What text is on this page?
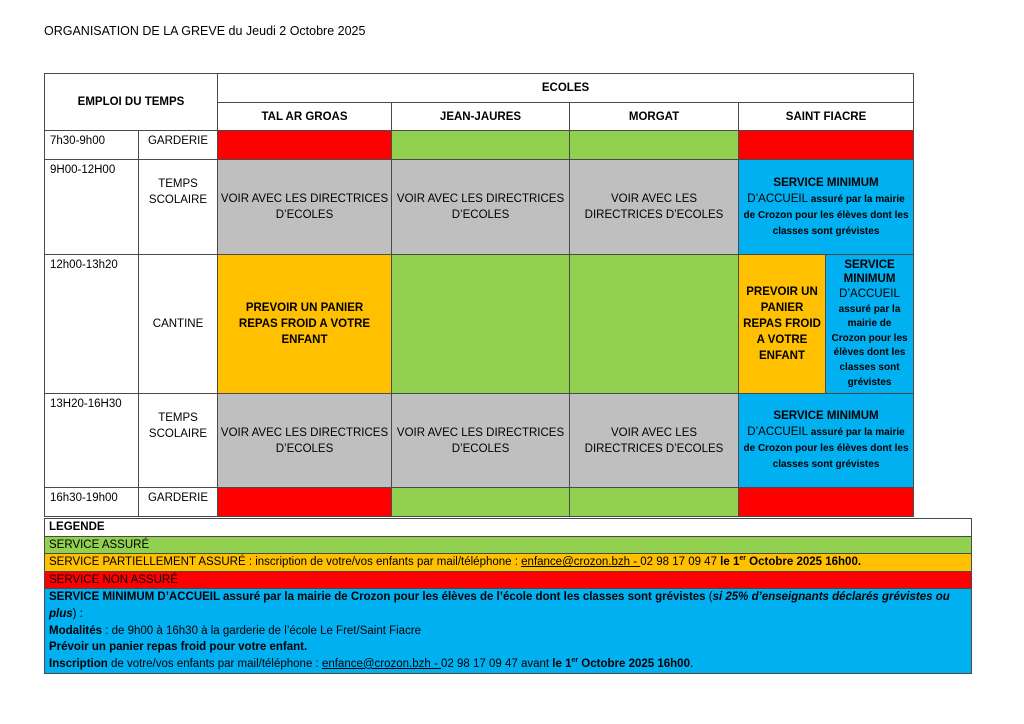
ORGANISATION DE LA GREVE du Jeudi 2 Octobre 2025
EMPLOI DU TEMPS		ECOLES				
		TAL AR GROAS	JEAN-JAURES	MORGAT	SAINT FIACRE	
7h30-9h00	GARDERIE					
9H00-12H00	TEMPS SCOLAIRE	VOIR AVEC LES DIRECTRICES D’ECOLES	VOIR AVEC LES DIRECTRICES D’ECOLES	VOIR AVEC LES DIRECTRICES D’ECOLES	SERVICE MINIMUM
D’ACCUEIL assuré par la mairie de Crozon pour les élèves dont les classes sont grévistes	

12h00-13h20	CANTINE	PREVOIR UN PANIER REPAS FROID A VOTRE ENFANT			PREVOIR UN PANIER REPAS FROID A VOTRE ENFANT	SERVICE MINIMUM
D’ACCUEIL assuré par la mairie de Crozon pour les élèves dont les classes sont grévistes

13H20-16H30	TEMPS SCOLAIRE	VOIR AVEC LES DIRECTRICES D’ECOLES	VOIR AVEC LES DIRECTRICES D’ECOLES	VOIR AVEC LES DIRECTRICES D’ECOLES	SERVICE MINIMUM
D’ACCUEIL assuré par la mairie de Crozon pour les élèves dont les classes sont grévistes	

16h30-19h00	GARDERIE					
LEGENDE
SERVICE ASSURÉ
SERVICE PARTIELLEMENT ASSURÉ : inscription de votre/vos enfants par mail/téléphone : enfance@crozon.bzh - 02 98 17 09 47 le 1er Octobre 2025 16h00.
SERVICE NON ASSURÉ

SERVICE MINIMUM D’ACCUEIL assuré par la mairie de Crozon pour les élèves de l’école dont les classes sont grévistes (si 25% d’enseignants déclarés grévistes ou plus) :
Modalités : de 9h00 à 16h30 à la garderie de l’école Le Fret/Saint Fiacre
Prévoir un panier repas froid pour votre enfant.
Inscription de votre/vos enfants par mail/téléphone : enfance@crozon.bzh - 02 98 17 09 47 avant le 1er Octobre 2025 16h00.
